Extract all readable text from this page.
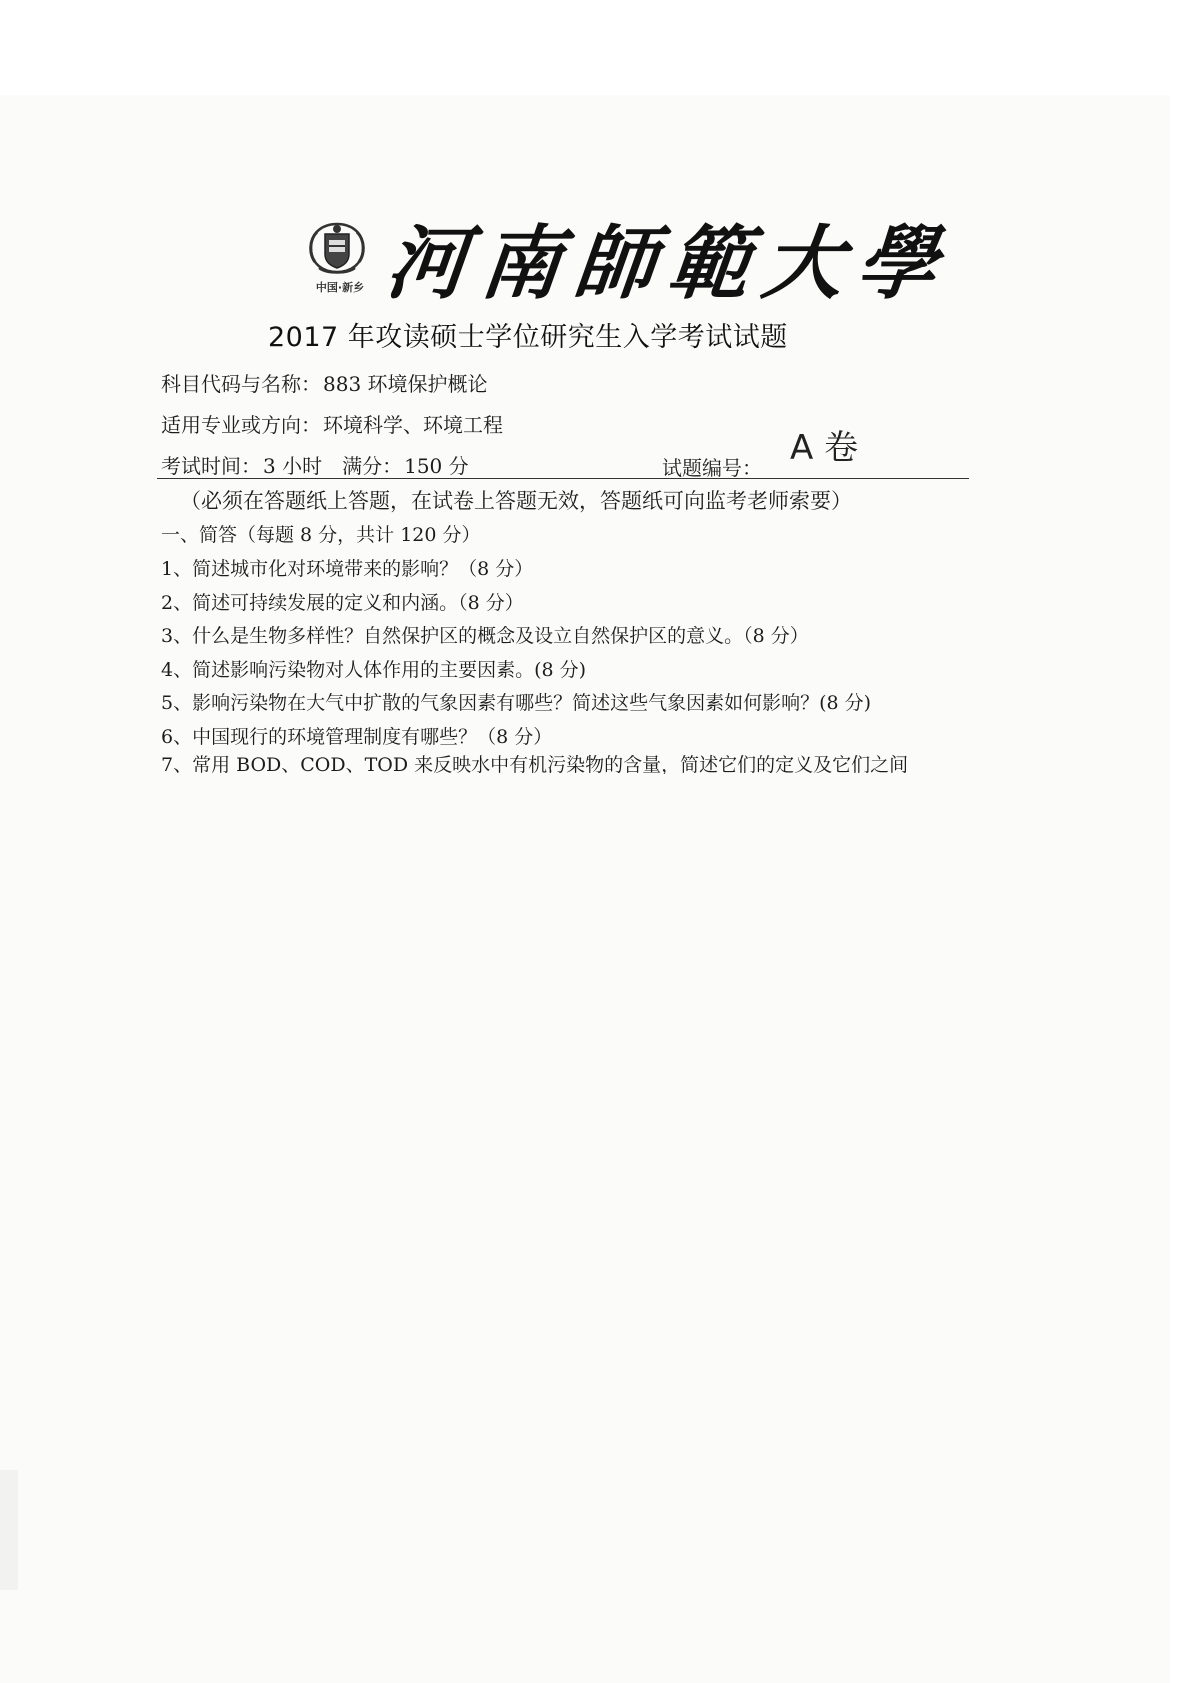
中国·新乡 河南師範大學
2017 年攻读硕士学位研究生入学考试试题
科目代码与名称： 883 环境保护概论
适用专业或方向： 环境科学、环境工程
考试时间： 3 小时 满分： 150 分	试题编号： A 卷
（必须在答题纸上答题，在试卷上答题无效，答题纸可向监考老师索要）
一、简答（每题 8 分，共计 120 分）
1、简述城市化对环境带来的影响？（8 分）
2、简述可持续发展的定义和内涵。（8 分）
3、什么是生物多样性？自然保护区的概念及设立自然保护区的意义。（8 分）
4、简述影响污染物对人体作用的主要因素。(8 分)
5、影响污染物在大气中扩散的气象因素有哪些？简述这些气象因素如何影响？(8 分)
6、中国现行的环境管理制度有哪些？（8 分）
7、常用 BOD、COD、TOD 来反映水中有机污染物的含量，简述它们的定义及它们之间
